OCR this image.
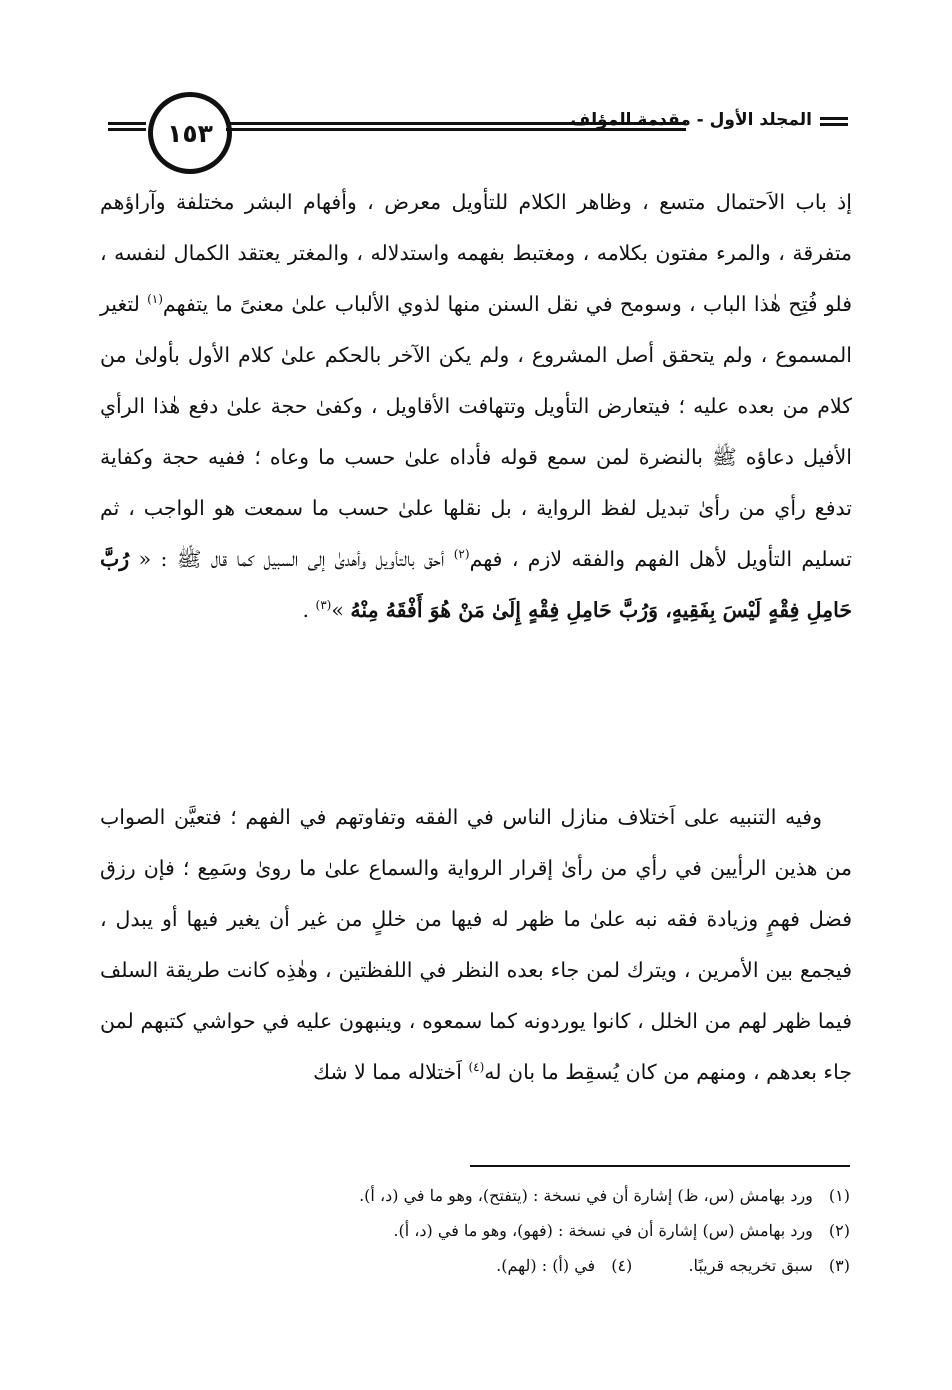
١٥٣	المجلد الأول - مقدمة المؤلف

إذ باب الاَحتمال متسع ، وظاهر الكلام للتأويل معرض ، وأفهام البشر مختلفة وآراؤهم متفرقة ، والمرء مفتون بكلامه ، ومغتبط بفهمه واستدلاله ، والمغتر يعتقد الكمال لنفسه ، فلو فُتِح هٰذا الباب ، وسومح في نقل السنن منها لذوي الألباب علىٰ معنىً ما يتفهم$^{(١)}$ لتغير المسموع ، ولم يتحقق أصل المشروع ، ولم يكن الآخر بالحكم علىٰ كلام الأول بأولىٰ من كلام من بعده عليه ؛ فيتعارض التأويل وتتهافت الأقاويل ، وكفىٰ حجة علىٰ دفع هٰذا الرأي الأفيل دعاؤه ﷺ بالنضرة لمن سمع قوله فأداه علىٰ حسب ما وعاه ؛ ففيه حجة وكفاية تدفع رأي من رأىٰ تبديل لفظ الرواية ، بل نقلها علىٰ حسب ما سمعت هو الواجب ، ثم تسليم التأويل لأهل الفهم والفقه لازم ، فهم$^{(٢)}$ أحق بالتأويل وأهدىٰ إلى السبيل كما قال ﷺ : « رُبَّ حَامِلِ فِقْهٍ لَيْسَ بِفَقِيهٍ، وَرُبَّ حَامِلِ فِقْهٍ إِلَىٰ مَنْ هُوَ أَفْقَهُ مِنْهُ »$^{(٣)}$ .

وفيه التنبيه على اَختلاف منازل الناس في الفقه وتفاوتهم في الفهم ؛ فتعيَّن الصواب من هذين الرأيين في رأي من رأىٰ إقرار الرواية والسماع علىٰ ما روىٰ وسَمِع ؛ فإن رزق فضل فهمٍ وزيادة فقه نبه علىٰ ما ظهر له فيها من خللٍ من غير أن يغير فيها أو يبدل ، فيجمع بين الأمرين ، ويترك لمن جاء بعده النظر في اللفظتين ، وهٰذِه كانت طريقة السلف فيما ظهر لهم من الخلل ، كانوا يوردونه كما سمعوه ، وينبهون عليه في حواشي كتبهم لمن جاء بعدهم ، ومنهم من كان يُسقِط ما بان له$^{(٤)}$ اَختلاله مما لا شك

(١) ورد بهامش (س، ظ) إشارة أن في نسخة : (يتفتح)، وهو ما في (د، أ).
(٢) ورد بهامش (س) إشارة أن في نسخة : (فهو)، وهو ما في (د، أ).
(٣) سبق تخريجه قريبًا.  (٤) في (أ) : (لهم).
